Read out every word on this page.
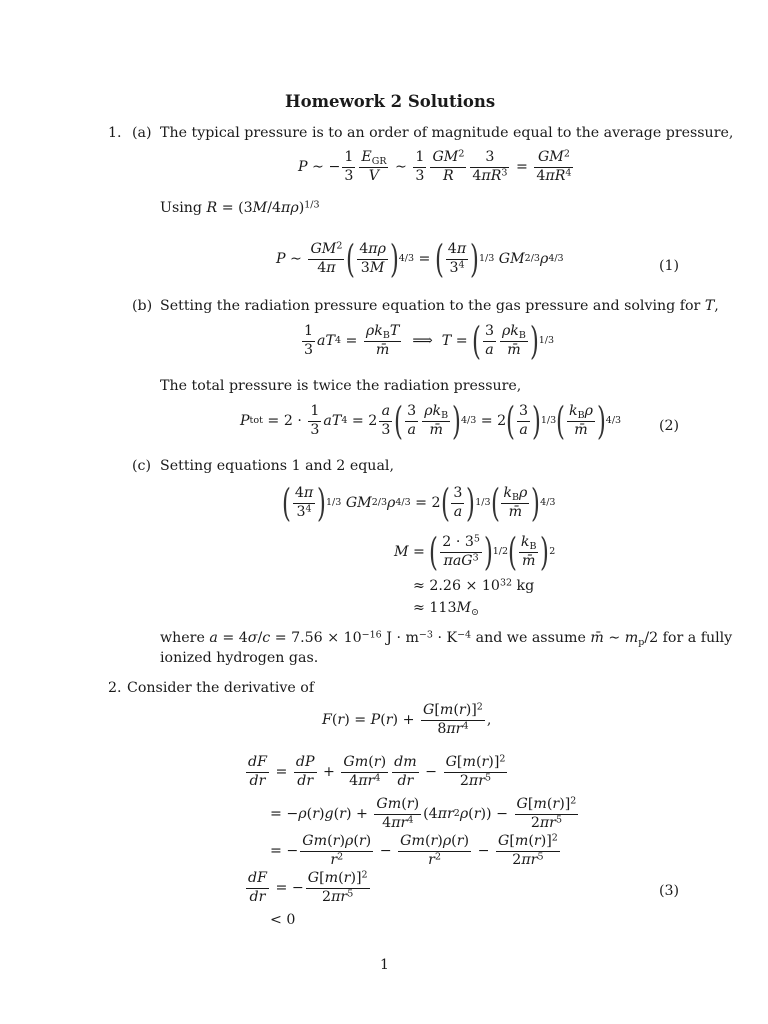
Homework 2 Solutions
1. (a) The typical pressure is to an order of magnitude equal to the average pressure,
P ∼ − $\frac{1}{3} \frac{E_{GR}}{V}$ ∼ $\frac{1}{3} \frac{GM^2}{R} \frac{3}{4\pi R^3} = \frac{GM^2}{4\pi R^4}$
Using $R = (3M/4\pi\rho)^{1/3}$
P ∼ $\frac{GM^2}{4\pi}$ ( $\frac{4\pi\rho}{3M}$ ) 4/3 = ( $\frac{4\pi}{3^4}$ ) 1/3
GM 2/3 ρ 4/3	(1)
(b) Setting the radiation pressure equation to the gas pressure and solving for T,
$\frac{1}{3}$ aT $4 = \frac{\rho k_BT}{m̄}$ ⟹ T = ( $\frac{3}{a} \frac{\rho k_B}{m̄}$ ) 1/3
The total pressure is twice the radiation pressure,
P tot = $2 \cdot \frac{1}{3}$ aT $4 = 2 \frac{a}{3}$ ( $\frac{3}{a} \frac{\rho k_B}{m̄}$ ) 4/3 = 2 ( $\frac{3}{a}$ ) 1/3 ( $\frac{k_B\rho}{m̄}$ ) 4/3	(2)
(c) Setting equations 1 and 2 equal,
( $\frac{4\pi}{3^4}$ ) 1/3
GM 2/3 ρ 4/3 = 2 ( $\frac{3}{a}$ ) 1/3 ( $\frac{k_B\rho}{m̄}$ ) 4/3
M = ( $\frac{2 \cdot 3^5}{\pi aG^3}$ ) 1/2 ( $\frac{k_B}{m̄}$ ) 2
≈ $2.26 \times 10^{32}$ kg
≈ $113M_⊙$
where $a = 4\sigma/c = 7.56 \times 10^{-16}$ $J \cdot m^{-3} \cdot K^{-4}$ and we assume m̄ ∼ $m_p/2$ for a fully
ionized hydrogen gas.
2. Consider the derivative of
F ( r ) = P ( r ) + $\frac{G[m(r)]^2}{8\pi r^4}$ ,
$\frac{dF}{dr} = \frac{dP}{dr} + \frac{Gm(r)}{4\pi r^4} \frac{dm}{dr} - \frac{G[m(r)]^2}{2\pi r^5}$
= − ρ ( r ) g ( r ) + $\frac{Gm(r)}{4\pi r^4} (4$ πr 2 ρ ( r )) − $\frac{G[m(r)]^2}{2\pi r^5}$
= − $\frac{Gm(r)\rho(r)}{r^2} - \frac{Gm(r)\rho(r)}{r^2} - \frac{G[m(r)]^2}{2\pi r^5}$
$\frac{dF}{dr}$ = − $\frac{G[m(r)]^2}{2\pi r^5}$	(3)
< 0
1
